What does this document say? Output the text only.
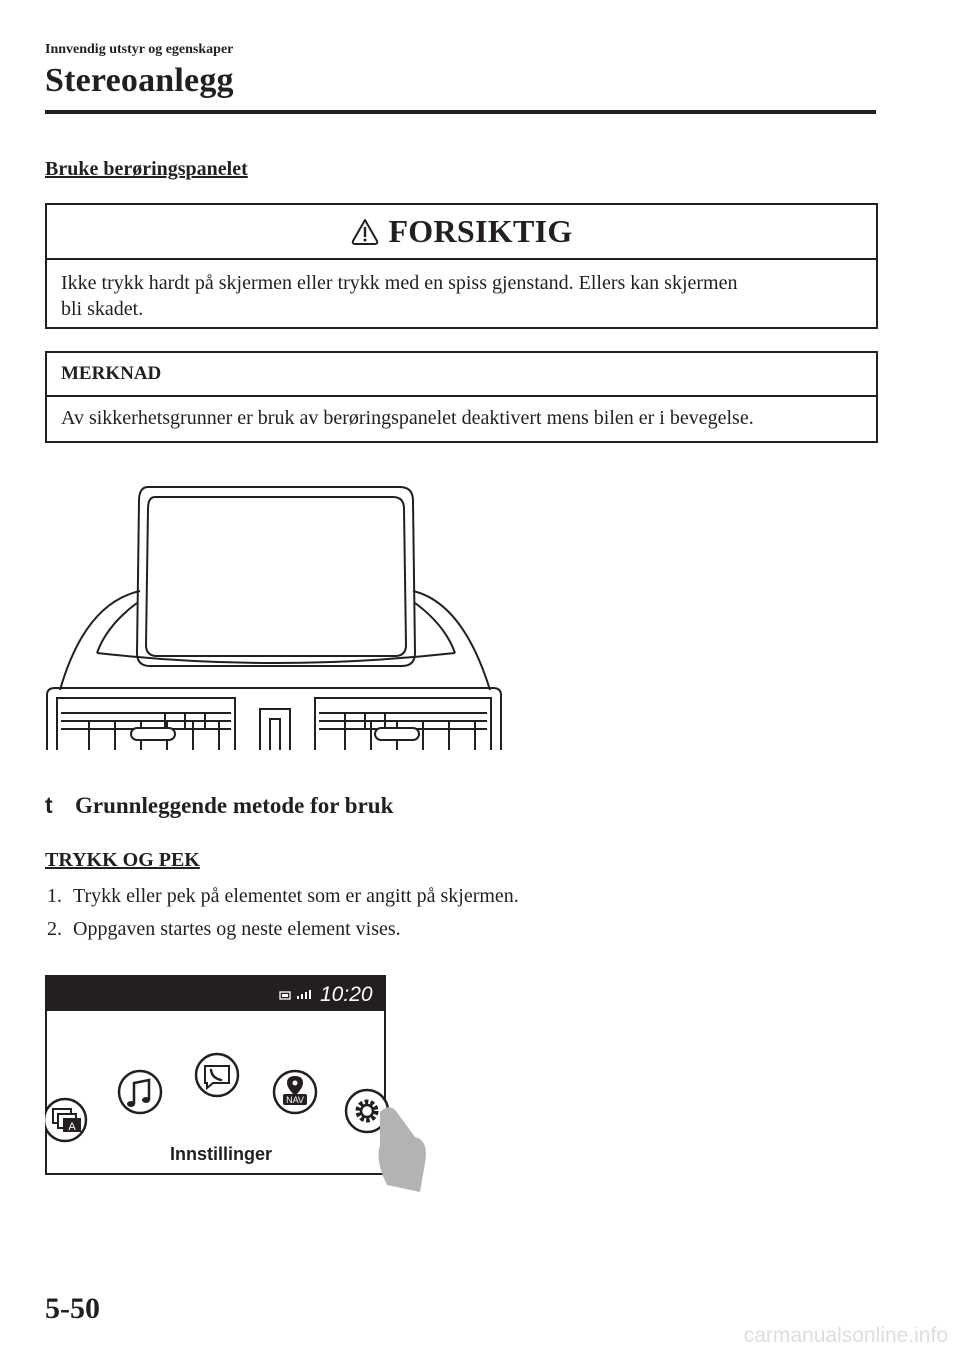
Innvendig utstyr og egenskaper
Stereoanlegg
Bruke berøringspanelet
FORSIKTIG
Ikke trykk hardt på skjermen eller trykk med en spiss gjenstand. Ellers kan skjermen
bli skadet.
MERKNAD
Av sikkerhetsgrunner er bruk av berøringspanelet deaktivert mens bilen er i bevegelse.
t Grunnleggende metode for bruk
TRYKK OG PEK
1. Trykk eller pek på elementet som er angitt på skjermen.
2. Oppgaven startes og neste element vises.
10:20
A
NAV
Innstillinger
5-50
carmanualsonline.info
